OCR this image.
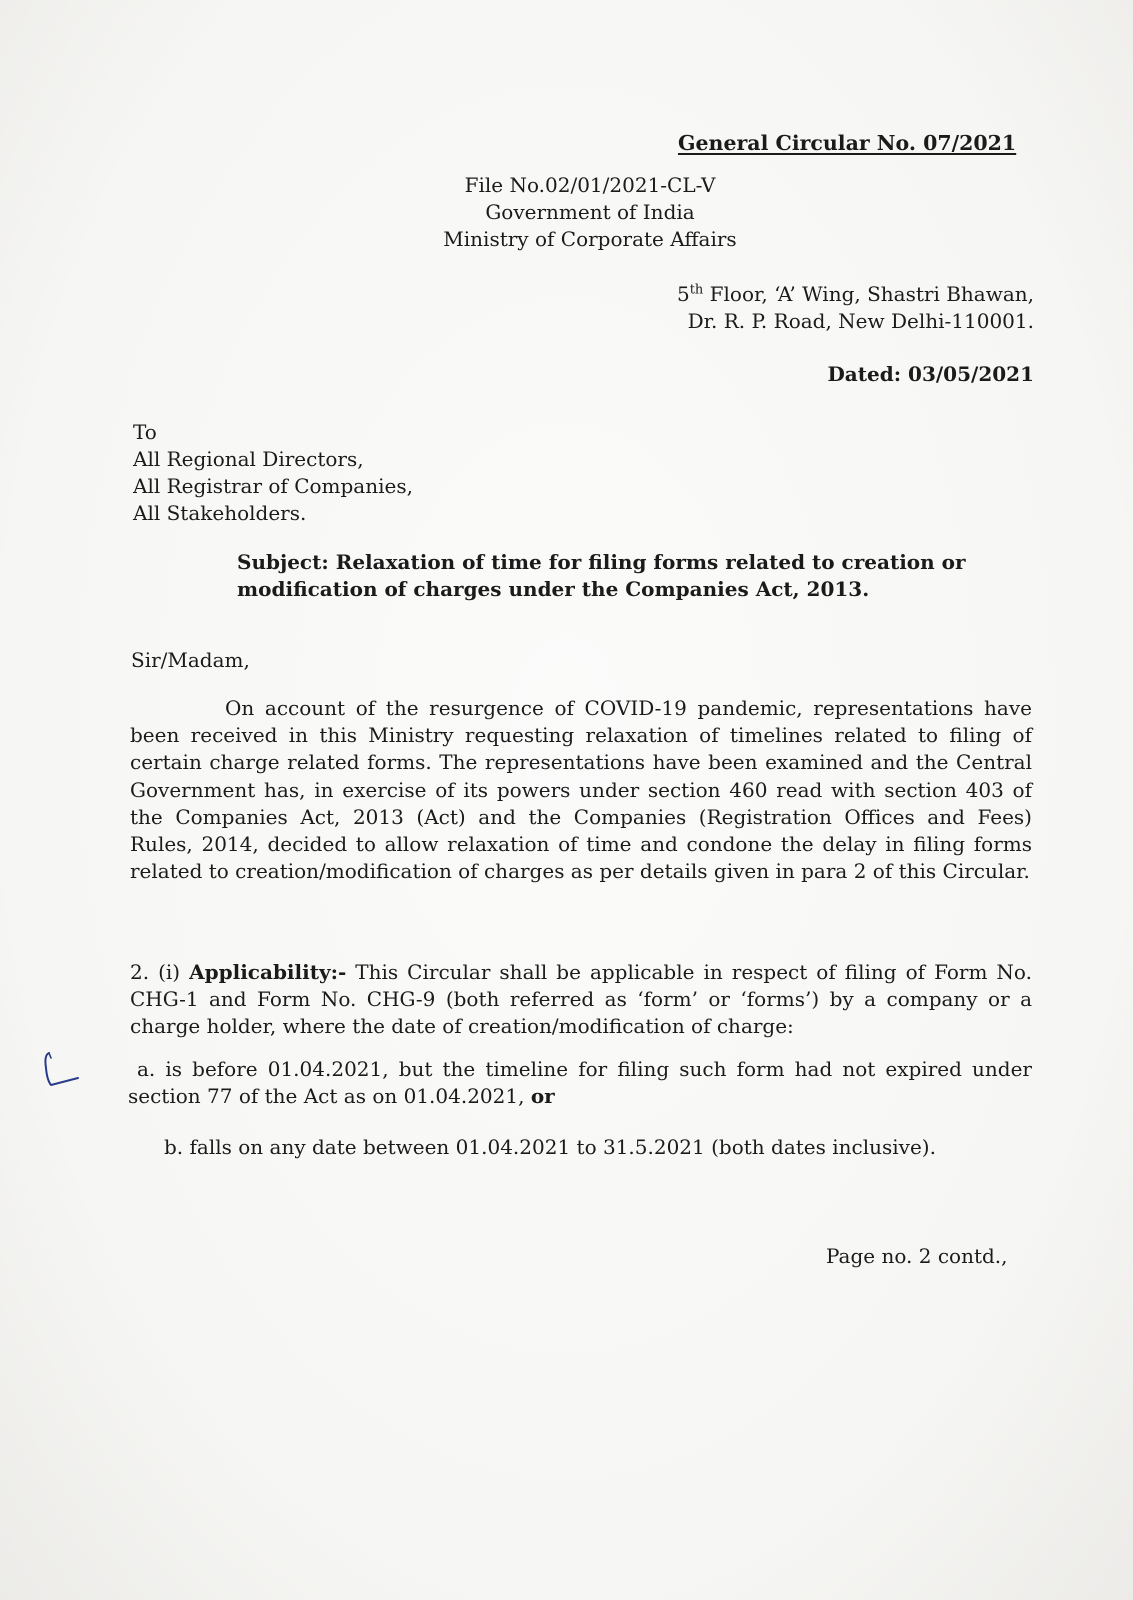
General Circular No. 07/2021
File No.02/01/2021-CL-V
Government of India
Ministry of Corporate Affairs
5th Floor, ‘A’ Wing, Shastri Bhawan,
Dr. R. P. Road, New Delhi-110001.
Dated: 03/05/2021
To
All Regional Directors,
All Registrar of Companies,
All Stakeholders.
Subject: Relaxation of time for filing forms related to creation or modification of charges under the Companies Act, 2013.
Sir/Madam,
On account of the resurgence of COVID-19 pandemic, representations have been received in this Ministry requesting relaxation of timelines related to filing of certain charge related forms. The representations have been examined and the Central Government has, in exercise of its powers under section 460 read with section 403 of the Companies Act, 2013 (Act) and the Companies (Registration Offices and Fees) Rules, 2014, decided to allow relaxation of time and condone the delay in filing forms related to creation/modification of charges as per details given in para 2 of this Circular.
2. (i) Applicability:- This Circular shall be applicable in respect of filing of Form No. CHG-1 and Form No. CHG-9 (both referred as ‘form’ or ‘forms’) by a company or a charge holder, where the date of creation/modification of charge:
a. is before 01.04.2021, but the timeline for filing such form had not expired under section 77 of the Act as on 01.04.2021, or
b. falls on any date between 01.04.2021 to 31.5.2021 (both dates inclusive).
Page no. 2 contd.,
